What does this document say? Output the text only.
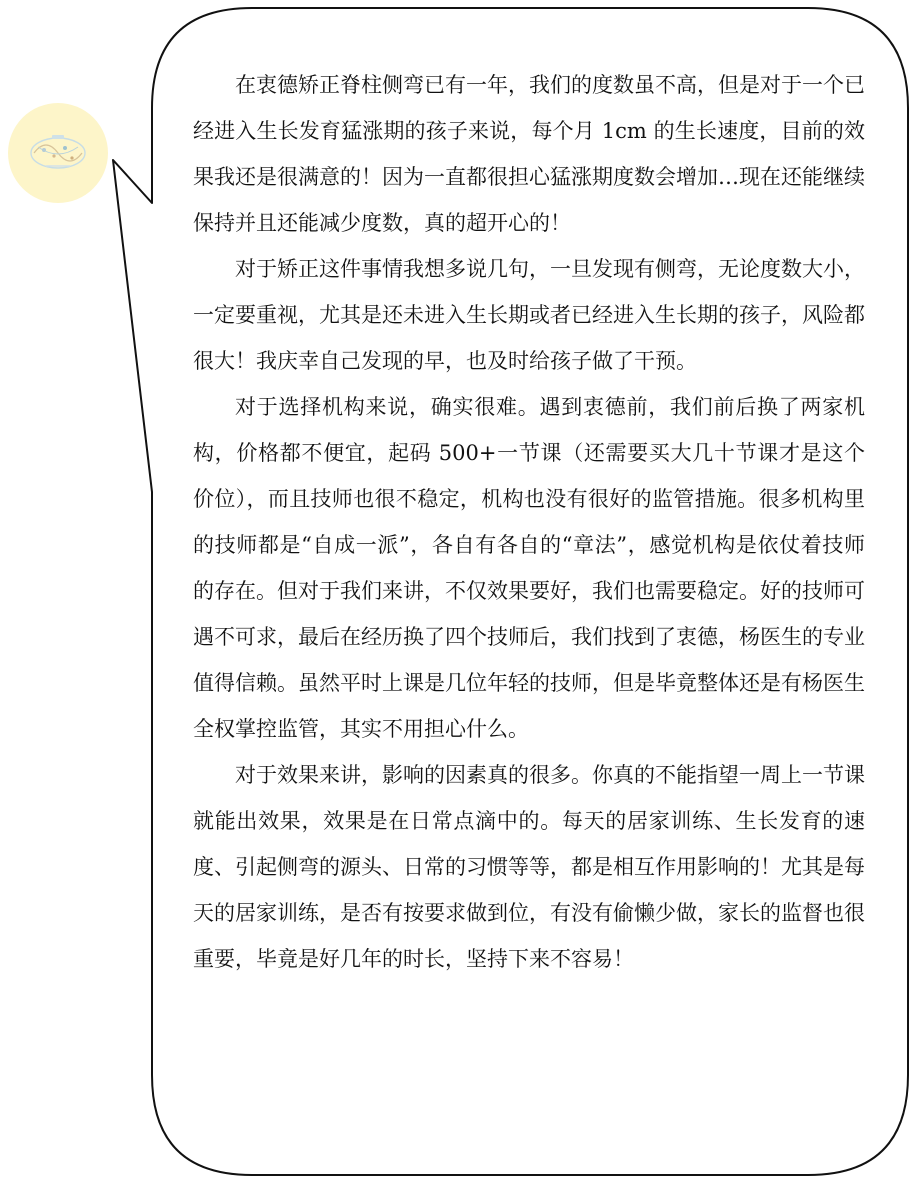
在衷德矫正脊柱侧弯已有一年，我们的度数虽不高，但是对于一个已经进入生长发育猛涨期的孩子来说，每个月 1cm 的生长速度，目前的效果我还是很满意的！因为一直都很担心猛涨期度数会增加…现在还能继续保持并且还能减少度数，真的超开心的！

对于矫正这件事情我想多说几句，一旦发现有侧弯，无论度数大小，一定要重视，尤其是还未进入生长期或者已经进入生长期的孩子，风险都很大！我庆幸自己发现的早，也及时给孩子做了干预。

对于选择机构来说，确实很难。遇到衷德前，我们前后换了两家机构，价格都不便宜，起码 500+一节课（还需要买大几十节课才是这个价位），而且技师也很不稳定，机构也没有很好的监管措施。很多机构里的技师都是“自成一派”，各自有各自的“章法”，感觉机构是依仗着技师的存在。但对于我们来讲，不仅效果要好，我们也需要稳定。好的技师可遇不可求，最后在经历换了四个技师后，我们找到了衷德，杨医生的专业值得信赖。虽然平时上课是几位年轻的技师，但是毕竟整体还是有杨医生全权掌控监管，其实不用担心什么。

对于效果来讲，影响的因素真的很多。你真的不能指望一周上一节课就能出效果，效果是在日常点滴中的。每天的居家训练、生长发育的速度、引起侧弯的源头、日常的习惯等等，都是相互作用影响的！尤其是每天的居家训练，是否有按要求做到位，有没有偷懒少做，家长的监督也很重要，毕竟是好几年的时长，坚持下来不容易！
